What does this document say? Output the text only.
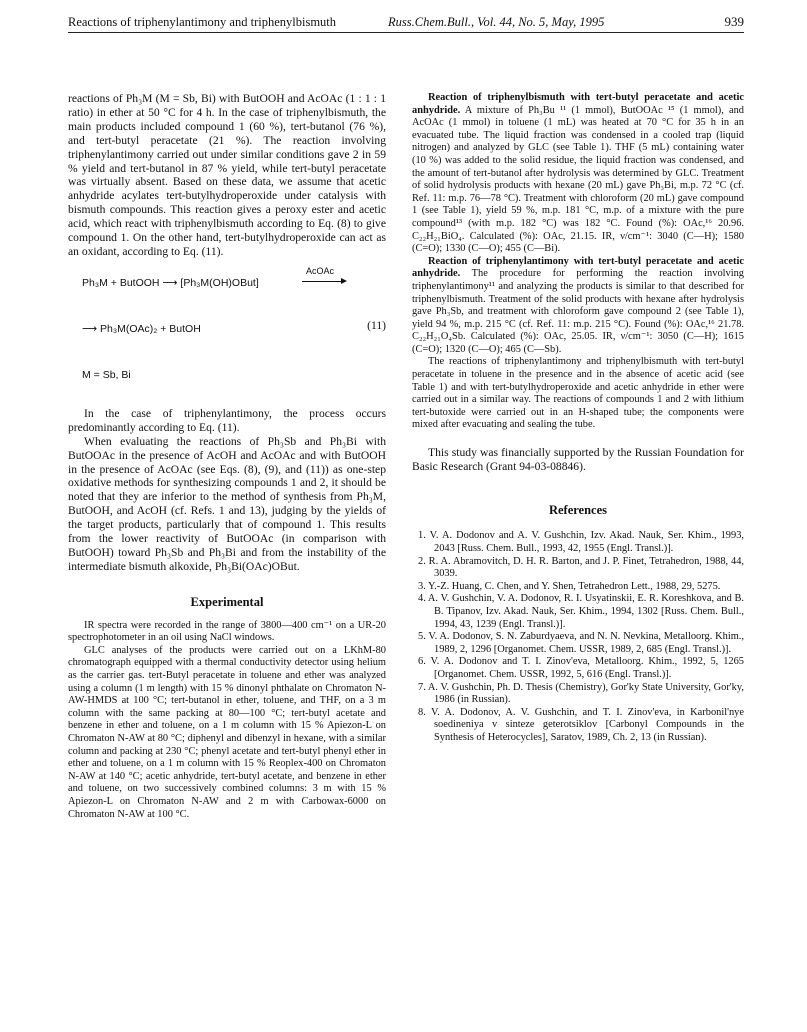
Reactions of triphenylantimony and triphenylbismuth	Russ.Chem.Bull., Vol. 44, No. 5, May, 1995	939

reactions of Ph₃M (M = Sb, Bi) with ButOOH and AcOAc (1 : 1 : 1 ratio) in ether at 50 °C for 4 h. In the case of triphenylbismuth, the main products included compound 1 (60 %), tert-butanol (76 %), and tert-butyl peracetate (21 %). The reaction involving triphenylantimony carried out under similar conditions gave 2 in 59 % yield and tert-butanol in 87 % yield, while tert-butyl peracetate was virtually absent. Based on these data, we assume that acetic anhydride acylates tert-butylhydroperoxide under catalysis with bismuth compounds. This reaction gives a peroxy ester and acetic acid, which react with triphenylbismuth according to Eq. (8) to give compound 1. On the other hand, tert-butylhydroperoxide can act as an oxidant, according to Eq. (11).

Ph₃M + ButOOH ⟶ [Ph₃M(OH)OBut]
AcOAc
(11)
⟶ Ph₃M(OAc)₂ + ButOH
M = Sb, Bi

In the case of triphenylantimony, the process occurs predominantly according to Eq. (11).

When evaluating the reactions of Ph₃Sb and Ph₃Bi with ButOOAc in the presence of AcOH and AcOAc and with ButOOH in the presence of AcOAc (see Eqs. (8), (9), and (11)) as one-step oxidative methods for synthesizing compounds 1 and 2, it should be noted that they are inferior to the method of synthesis from Ph₃M, ButOOH, and AcOH (cf. Refs. 1 and 13), judging by the yields of the target products, particularly that of compound 1. This results from the lower reactivity of ButOOAc (in comparison with ButOOH) toward Ph₃Sb and Ph₃Bi and from the instability of the intermediate bismuth alkoxide, Ph₃Bi(OAc)OBut.

Experimental

IR spectra were recorded in the range of 3800—400 cm⁻¹ on a UR-20 spectrophotometer in an oil using NaCl windows.

GLC analyses of the products were carried out on a LKhM-80 chromatograph equipped with a thermal conductivity detector using helium as the carrier gas. tert-Butyl peracetate in toluene and ether was analyzed using a column (1 m length) with 15 % dinonyl phthalate on Chromaton N-AW-HMDS at 100 °C; tert-butanol in ether, toluene, and THF, on a 3 m column with the same packing at 80—100 °C; tert-butyl acetate and benzene in ether and toluene, on a 1 m column with 15 % Apiezon-L on Chromaton N-AW at 80 °C; diphenyl and dibenzyl in hexane, with a similar column and packing at 230 °C; phenyl acetate and tert-butyl phenyl ether in ether and toluene, on a 1 m column with 15 % Reoplex-400 on Chromaton N-AW at 140 °C; acetic anhydride, tert-butyl acetate, and benzene in ether and toluene, on two successively combined columns: 3 m with 15 % Apiezon-L on Chromaton N-AW and 2 m with Carbowax-6000 on Chromaton N-AW at 100 °C.

Reaction of triphenylbismuth with tert-butyl peracetate and acetic anhydride. A mixture of Ph₃Bu ¹¹ (1 mmol), ButOOAc ¹⁵ (1 mmol), and AcOAc (1 mmol) in toluene (1 mL) was heated at 70 °C for 35 h in an evacuated tube. The liquid fraction was condensed in a cooled trap (liquid nitrogen) and analyzed by GLC (see Table 1). THF (5 mL) containing water (10 %) was added to the solid residue, the liquid fraction was condensed, and the amount of tert-butanol after hydrolysis was determined by GLC. Treatment of solid hydrolysis products with hexane (20 mL) gave Ph₃Bi, m.p. 72 °C (cf. Ref. 11: m.p. 76—78 °C). Treatment with chloroform (20 mL) gave compound 1 (see Table 1), yield 59 %, m.p. 181 °C, m.p. of a mixture with the pure compound¹³ (with m.p. 182 °C) was 182 °C. Found (%): OAc,¹⁶ 20.96. C₂₂H₂₁BiO₄. Calculated (%): OAc, 21.15. IR, ν/cm⁻¹: 3040 (C—H); 1580 (C=O); 1330 (C—O); 455 (C—Bi).

Reaction of triphenylantimony with tert-butyl peracetate and acetic anhydride. The procedure for performing the reaction involving triphenylantimony¹¹ and analyzing the products is similar to that described for triphenylbismuth. Treatment of the solid products with hexane after hydrolysis gave Ph₃Sb, and treatment with chloroform gave compound 2 (see Table 1), yield 94 %, m.p. 215 °C (cf. Ref. 11: m.p. 215 °C). Found (%): OAc,¹⁶ 21.78. C₂₂H₂₁O₄Sb. Calculated (%): OAc, 25.05. IR, ν/cm⁻¹: 3050 (C—H); 1615 (C=O); 1320 (C—O); 465 (C—Sb).

The reactions of triphenylantimony and triphenylbismuth with tert-butyl peracetate in toluene in the presence and in the absence of acetic acid (see Table 1) and with tert-butylhydroperoxide and acetic anhydride in ether were carried out in a similar way. The reactions of compounds 1 and 2 with lithium tert-butoxide were carried out in an H-shaped tube; the components were mixed after evacuating and sealing the tube.

This study was financially supported by the Russian Foundation for Basic Research (Grant 94-03-08846).

References

1. V. A. Dodonov and A. V. Gushchin, Izv. Akad. Nauk, Ser. Khim., 1993, 2043 [Russ. Chem. Bull., 1993, 42, 1955 (Engl. Transl.)].

2. R. A. Abramovitch, D. H. R. Barton, and J. P. Finet, Tetrahedron, 1988, 44, 3039.

3. Y.-Z. Huang, C. Chen, and Y. Shen, Tetrahedron Lett., 1988, 29, 5275.

4. A. V. Gushchin, V. A. Dodonov, R. I. Usyatinskii, E. R. Koreshkova, and B. B. Tipanov, Izv. Akad. Nauk, Ser. Khim., 1994, 1302 [Russ. Chem. Bull., 1994, 43, 1239 (Engl. Transl.)].

5. V. A. Dodonov, S. N. Zaburdyaeva, and N. N. Nevkina, Metalloorg. Khim., 1989, 2, 1296 [Organomet. Chem. USSR, 1989, 2, 685 (Engl. Transl.)].

6. V. A. Dodonov and T. I. Zinov'eva, Metalloorg. Khim., 1992, 5, 1265 [Organomet. Chem. USSR, 1992, 5, 616 (Engl. Transl.)].

7. A. V. Gushchin, Ph. D. Thesis (Chemistry), Gor'ky State University, Gor'ky, 1986 (in Russian).

8. V. A. Dodonov, A. V. Gushchin, and T. I. Zinov'eva, in Karbonil'nye soedineniya v sinteze geterotsiklov [Carbonyl Compounds in the Synthesis of Heterocycles], Saratov, 1989, Ch. 2, 13 (in Russian).
